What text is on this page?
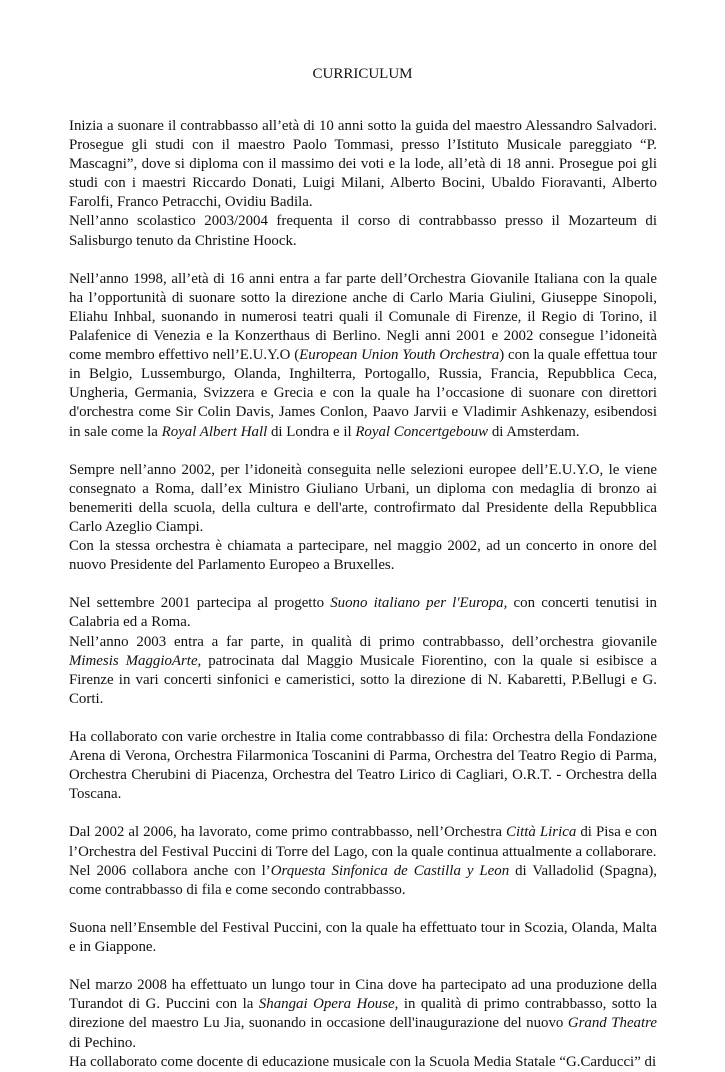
CURRICULUM

Inizia a suonare il contrabbasso all’età di 10 anni sotto la guida del maestro Alessandro Salvadori. Prosegue gli studi con il maestro Paolo Tommasi, presso l’Istituto Musicale pareggiato “P. Mascagni”, dove si diploma con il massimo dei voti e la lode, all’età di 18 anni. Prosegue poi gli studi con i maestri Riccardo Donati, Luigi Milani, Alberto Bocini, Ubaldo Fioravanti, Alberto Farolfi, Franco Petracchi, Ovidiu Badila.
Nell’anno scolastico 2003/2004 frequenta il corso di contrabbasso presso il Mozarteum di Salisburgo tenuto da Christine Hoock.

Nell’anno 1998, all’età di 16 anni entra a far parte dell’Orchestra Giovanile Italiana con la quale ha l’opportunità di suonare sotto la direzione anche di Carlo Maria Giulini, Giuseppe Sinopoli, Eliahu Inhbal, suonando in numerosi teatri quali il Comunale di Firenze, il Regio di Torino, il Palafenice di Venezia e la Konzerthaus di Berlino. Negli anni 2001 e 2002 consegue l’idoneità come membro effettivo nell’E.U.Y.O (European Union Youth Orchestra) con la quale effettua tour in Belgio, Lussemburgo, Olanda, Inghilterra, Portogallo, Russia, Francia, Repubblica Ceca, Ungheria, Germania, Svizzera e Grecia e con la quale ha l’occasione di suonare con direttori d'orchestra come Sir Colin Davis, James Conlon, Paavo Jarvii e Vladimir Ashkenazy, esibendosi in sale come la Royal Albert Hall di Londra e il Royal Concertgebouw di Amsterdam.

Sempre nell’anno 2002, per l’idoneità conseguita nelle selezioni europee dell’E.U.Y.O, le viene consegnato a Roma, dall’ex Ministro Giuliano Urbani, un diploma con medaglia di bronzo ai benemeriti della scuola, della cultura e dell'arte, controfirmato dal Presidente della Repubblica Carlo Azeglio Ciampi.
Con la stessa orchestra è chiamata a partecipare, nel maggio 2002, ad un concerto in onore del nuovo Presidente del Parlamento Europeo a Bruxelles.

Nel settembre 2001 partecipa al progetto Suono italiano per l'Europa, con concerti tenutisi in Calabria ed a Roma.
Nell’anno 2003 entra a far parte, in qualità di primo contrabbasso, dell’orchestra giovanile Mimesis MaggioArte, patrocinata dal Maggio Musicale Fiorentino, con la quale si esibisce a Firenze in vari concerti sinfonici e cameristici, sotto la direzione di N. Kabaretti, P.Bellugi e G. Corti.

Ha collaborato con varie orchestre in Italia come contrabbasso di fila: Orchestra della Fondazione Arena di Verona, Orchestra Filarmonica Toscanini di Parma, Orchestra del Teatro Regio di Parma, Orchestra Cherubini di Piacenza, Orchestra del Teatro Lirico di Cagliari, O.R.T. - Orchestra della Toscana.

Dal 2002 al 2006, ha lavorato, come primo contrabbasso, nell’Orchestra Città Lirica di Pisa e con l’Orchestra del Festival Puccini di Torre del Lago, con la quale continua attualmente a collaborare.
Nel 2006 collabora anche con l’Orquesta Sinfonica de Castilla y Leon di Valladolid (Spagna), come contrabbasso di fila e come secondo contrabbasso.

Suona nell’Ensemble del Festival Puccini, con la quale ha effettuato tour in Scozia, Olanda, Malta e in Giappone.

Nel marzo 2008 ha effettuato un lungo tour in Cina dove ha partecipato ad una produzione della Turandot di G. Puccini con la Shangai Opera House, in qualità di primo contrabbasso, sotto la direzione del maestro Lu Jia, suonando in occasione dell'inaugurazione del nuovo Grand Theatre di Pechino.
Ha collaborato come docente di educazione musicale con la Scuola Media Statale “G.Carducci” di
